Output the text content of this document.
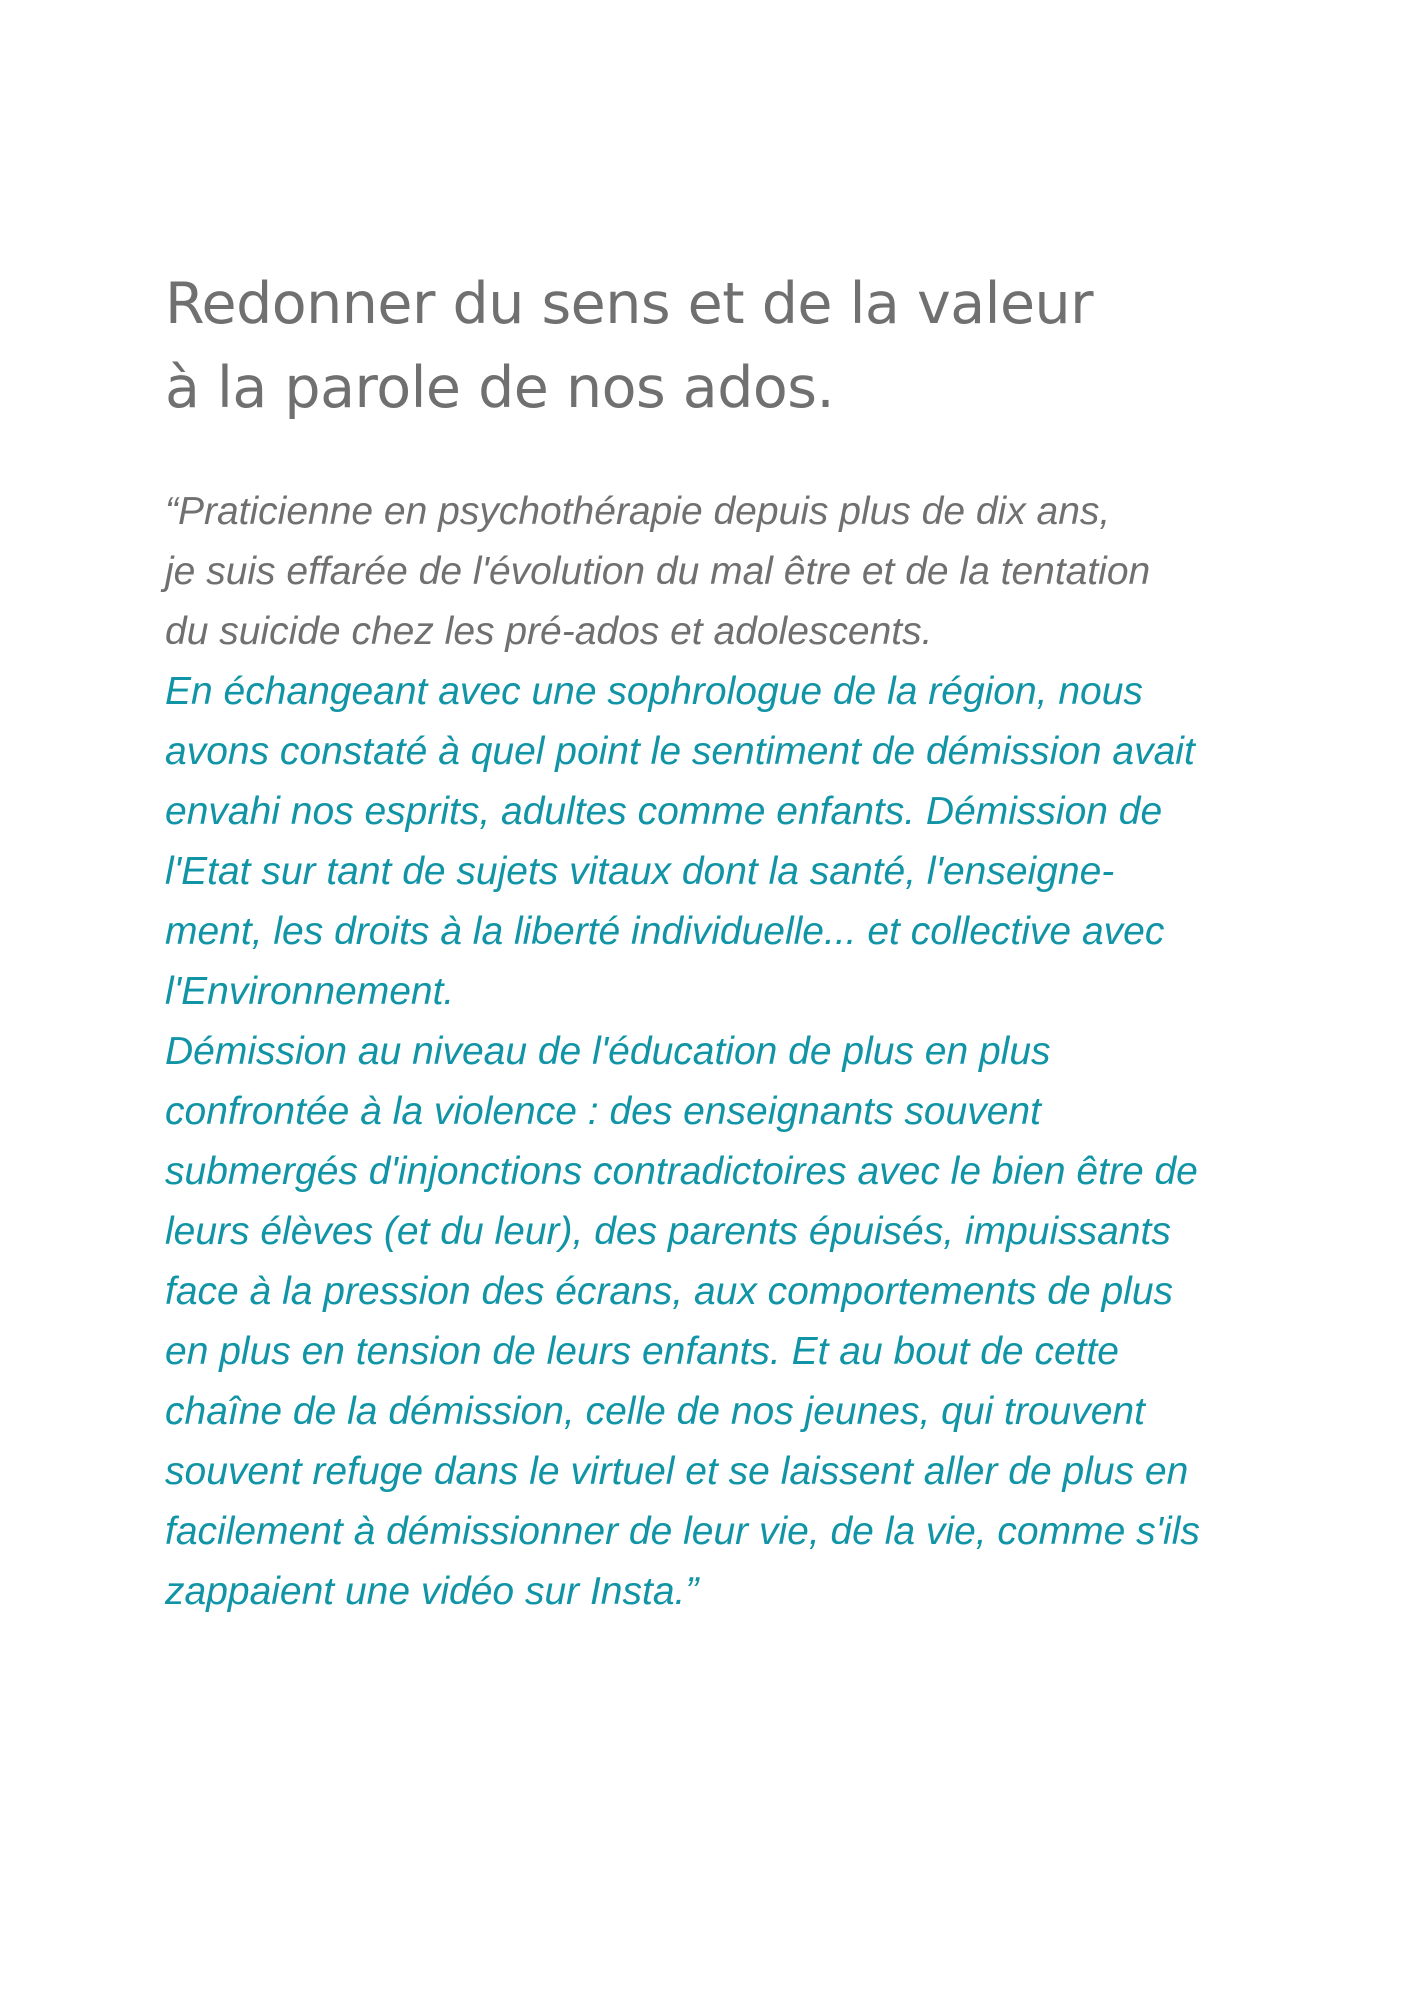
Redonner du sens et de la valeur
à la parole de nos ados.
“Praticienne en psychothérapie depuis plus de dix ans,
je suis effarée de l'évolution du mal être et de la tentation
du suicide chez les pré-ados et adolescents.
En échangeant avec une sophrologue de la région, nous
avons constaté à quel point le sentiment de démission avait
envahi nos esprits, adultes comme enfants. Démission de
l'Etat sur tant de sujets vitaux dont la santé, l'enseigne-
ment, les droits à la liberté individuelle... et collective avec
l'Environnement.
Démission au niveau de l'éducation de plus en plus
confrontée à la violence : des enseignants souvent
submergés d'injonctions contradictoires avec le bien être de
leurs élèves (et du leur), des parents épuisés, impuissants
face à la pression des écrans, aux comportements de plus
en plus en tension de leurs enfants. Et au bout de cette
chaîne de la démission, celle de nos jeunes, qui trouvent
souvent refuge dans le virtuel et se laissent aller de plus en
facilement à démissionner de leur vie, de la vie, comme s'ils
zappaient une vidéo sur Insta.”
